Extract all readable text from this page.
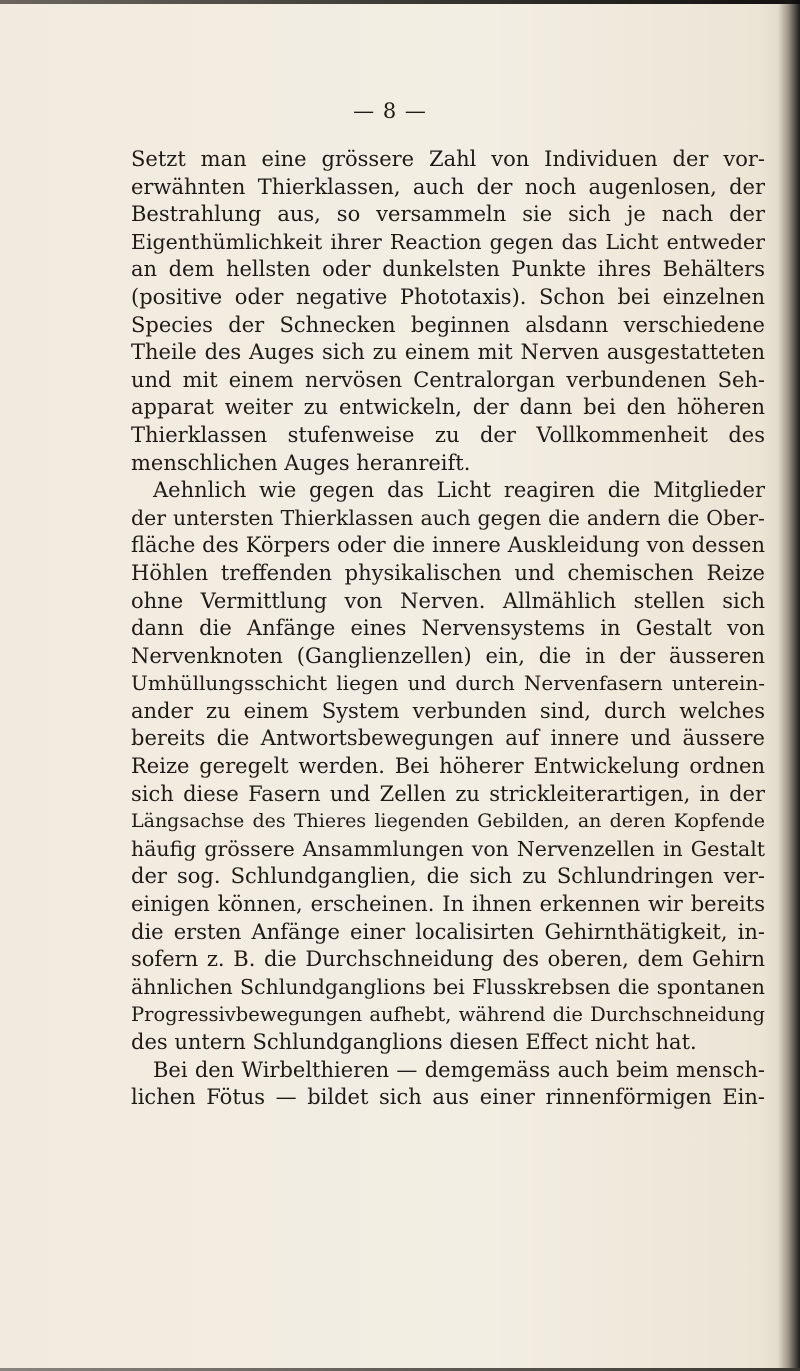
— 8 —
Setzt man eine grössere Zahl von Individuen der vor-
erwähnten Thierklassen, auch der noch augenlosen, der
Bestrahlung aus, so versammeln sie sich je nach der
Eigenthümlichkeit ihrer Reaction gegen das Licht entweder
an dem hellsten oder dunkelsten Punkte ihres Behälters
(positive oder negative Phototaxis). Schon bei einzelnen
Species der Schnecken beginnen alsdann verschiedene
Theile des Auges sich zu einem mit Nerven ausgestatteten
und mit einem nervösen Centralorgan verbundenen Seh-
apparat weiter zu entwickeln, der dann bei den höheren
Thierklassen stufenweise zu der Vollkommenheit des
menschlichen Auges heranreift.
Aehnlich wie gegen das Licht reagiren die Mitglieder
der untersten Thierklassen auch gegen die andern die Ober-
fläche des Körpers oder die innere Auskleidung von dessen
Höhlen treffenden physikalischen und chemischen Reize
ohne Vermittlung von Nerven. Allmählich stellen sich
dann die Anfänge eines Nervensystems in Gestalt von
Nervenknoten (Ganglienzellen) ein, die in der äusseren
Umhüllungsschicht liegen und durch Nervenfasern unterein-
ander zu einem System verbunden sind, durch welches
bereits die Antwortsbewegungen auf innere und äussere
Reize geregelt werden. Bei höherer Entwickelung ordnen
sich diese Fasern und Zellen zu strickleiterartigen, in der
Längsachse des Thieres liegenden Gebilden, an deren Kopfende
häufig grössere Ansammlungen von Nervenzellen in Gestalt
der sog. Schlundganglien, die sich zu Schlundringen ver-
einigen können, erscheinen. In ihnen erkennen wir bereits
die ersten Anfänge einer localisirten Gehirnthätigkeit, in-
sofern z. B. die Durchschneidung des oberen, dem Gehirn
ähnlichen Schlundganglions bei Flusskrebsen die spontanen
Progressivbewegungen aufhebt, während die Durchschneidung
des untern Schlundganglions diesen Effect nicht hat.
Bei den Wirbelthieren — demgemäss auch beim mensch-
lichen Fötus — bildet sich aus einer rinnenförmigen Ein-
